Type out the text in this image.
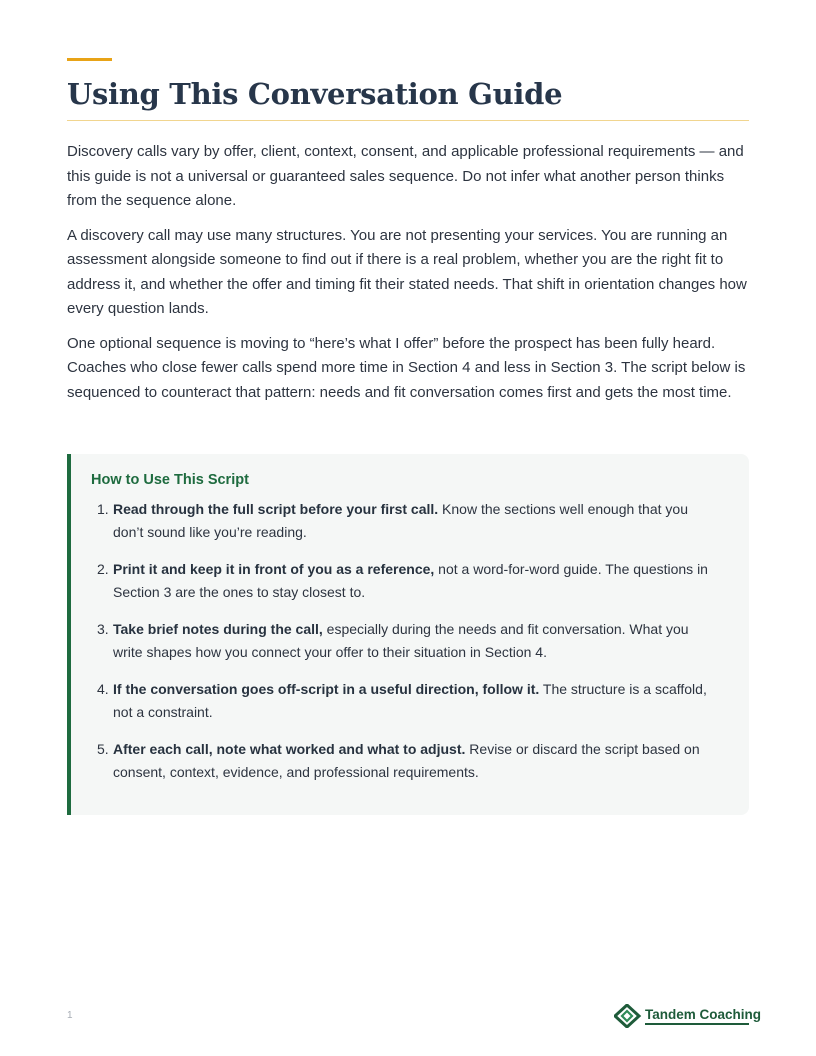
Using This Conversation Guide

Discovery calls vary by offer, client, context, consent, and applicable professional requirements — and this guide is not a universal or guaranteed sales sequence. Do not infer what another person thinks from the sequence alone.

A discovery call may use many structures. You are not presenting your services. You are running an assessment alongside someone to find out if there is a real problem, whether you are the right fit to address it, and whether the offer and timing fit their stated needs. That shift in orientation changes how every question lands.

One optional sequence is moving to “here’s what I offer” before the prospect has been fully heard. Coaches who close fewer calls spend more time in Section 4 and less in Section 3. The script below is sequenced to counteract that pattern: needs and fit conversation comes first and gets the most time.

How to Use This Script
1. Read through the full script before your first call. Know the sections well enough that you don’t sound like you’re reading.
2. Print it and keep it in front of you as a reference, not a word-for-word guide. The questions in Section 3 are the ones to stay closest to.
3. Take brief notes during the call, especially during the needs and fit conversation. What you write shapes how you connect your offer to their situation in Section 4.
4. If the conversation goes off-script in a useful direction, follow it. The structure is a scaffold, not a constraint.
5. After each call, note what worked and what to adjust. Revise or discard the script based on consent, context, evidence, and professional requirements.
1	Tandem Coaching
